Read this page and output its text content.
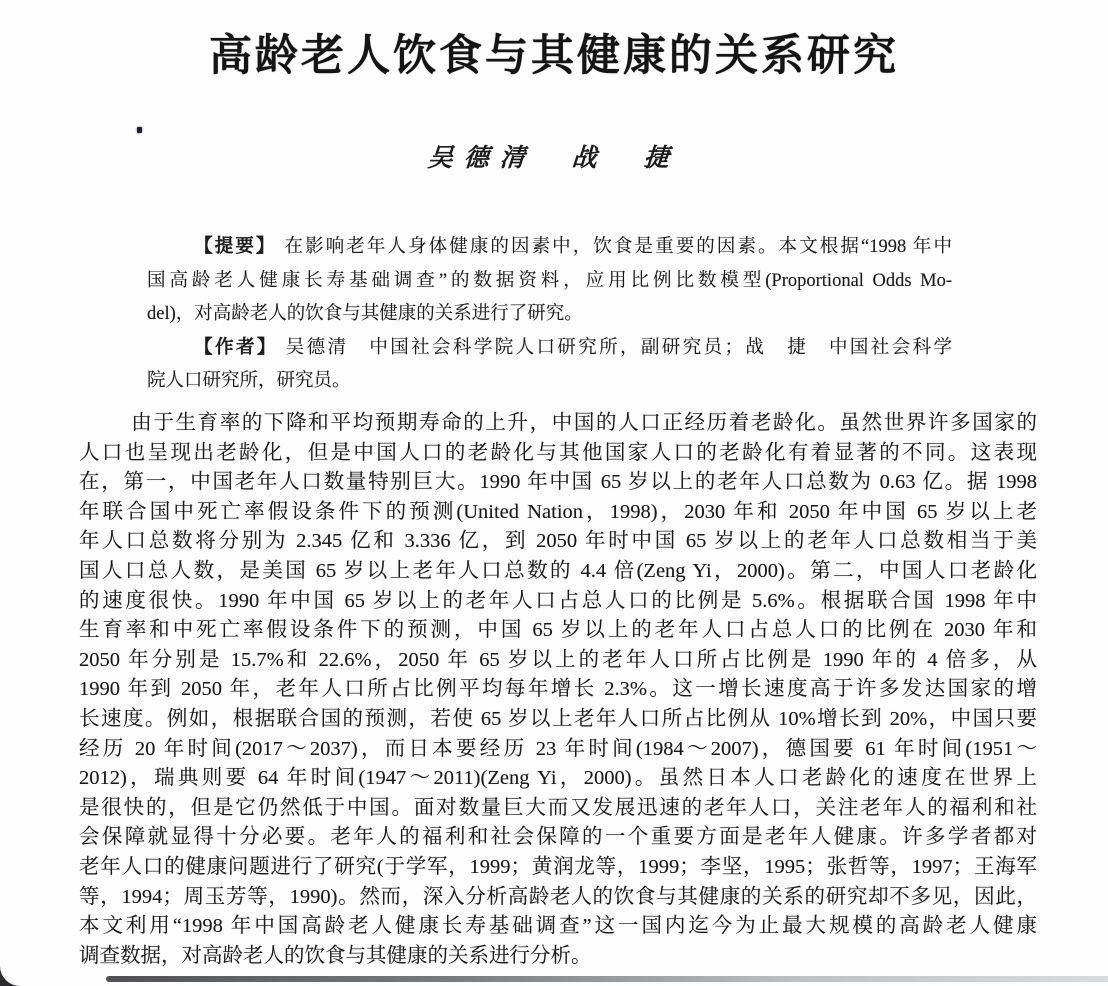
高龄老人饮食与其健康的关系研究
吴德清　战　捷
【提要】 在影响老年人身体健康的因素中，饮食是重要的因素。本文根据“1998 年中
国高龄老人健康长寿基础调查”的数据资料，应用比例比数模型(Proportional Odds Mo-
del)，对高龄老人的饮食与其健康的关系进行了研究。
【作者】 吴德清　中国社会科学院人口研究所，副研究员；战　捷　中国社会科学
院人口研究所，研究员。
由于生育率的下降和平均预期寿命的上升，中国的人口正经历着老龄化。虽然世界许多国家的
人口也呈现出老龄化，但是中国人口的老龄化与其他国家人口的老龄化有着显著的不同。这表现
在，第一，中国老年人口数量特别巨大。1990 年中国 65 岁以上的老年人口总数为 0.63 亿。据 1998
年联合国中死亡率假设条件下的预测(United Nation，1998)，2030 年和 2050 年中国 65 岁以上老
年人口总数将分别为 2.345 亿和 3.336 亿，到 2050 年时中国 65 岁以上的老年人口总数相当于美
国人口总人数，是美国 65 岁以上老年人口总数的 4.4 倍(Zeng Yi，2000)。第二，中国人口老龄化
的速度很快。1990 年中国 65 岁以上的老年人口占总人口的比例是 5.6%。根据联合国 1998 年中
生育率和中死亡率假设条件下的预测，中国 65 岁以上的老年人口占总人口的比例在 2030 年和
2050 年分别是 15.7%和 22.6%，2050 年 65 岁以上的老年人口所占比例是 1990 年的 4 倍多，从
1990 年到 2050 年，老年人口所占比例平均每年增长 2.3%。这一增长速度高于许多发达国家的增
长速度。例如，根据联合国的预测，若使 65 岁以上老年人口所占比例从 10%增长到 20%，中国只要
经历 20 年时间(2017～2037)，而日本要经历 23 年时间(1984～2007)，德国要 61 年时间(1951～
2012)，瑞典则要 64 年时间(1947～2011)(Zeng Yi，2000)。虽然日本人口老龄化的速度在世界上
是很快的，但是它仍然低于中国。面对数量巨大而又发展迅速的老年人口，关注老年人的福利和社
会保障就显得十分必要。老年人的福利和社会保障的一个重要方面是老年人健康。许多学者都对
老年人口的健康问题进行了研究(于学军，1999；黄润龙等，1999；李坚，1995；张哲等，1997；王海军
等，1994；周玉芳等，1990)。然而，深入分析高龄老人的饮食与其健康的关系的研究却不多见，因此，
本文利用“1998 年中国高龄老人健康长寿基础调查”这一国内迄今为止最大规模的高龄老人健康
调查数据，对高龄老人的饮食与其健康的关系进行分析。
